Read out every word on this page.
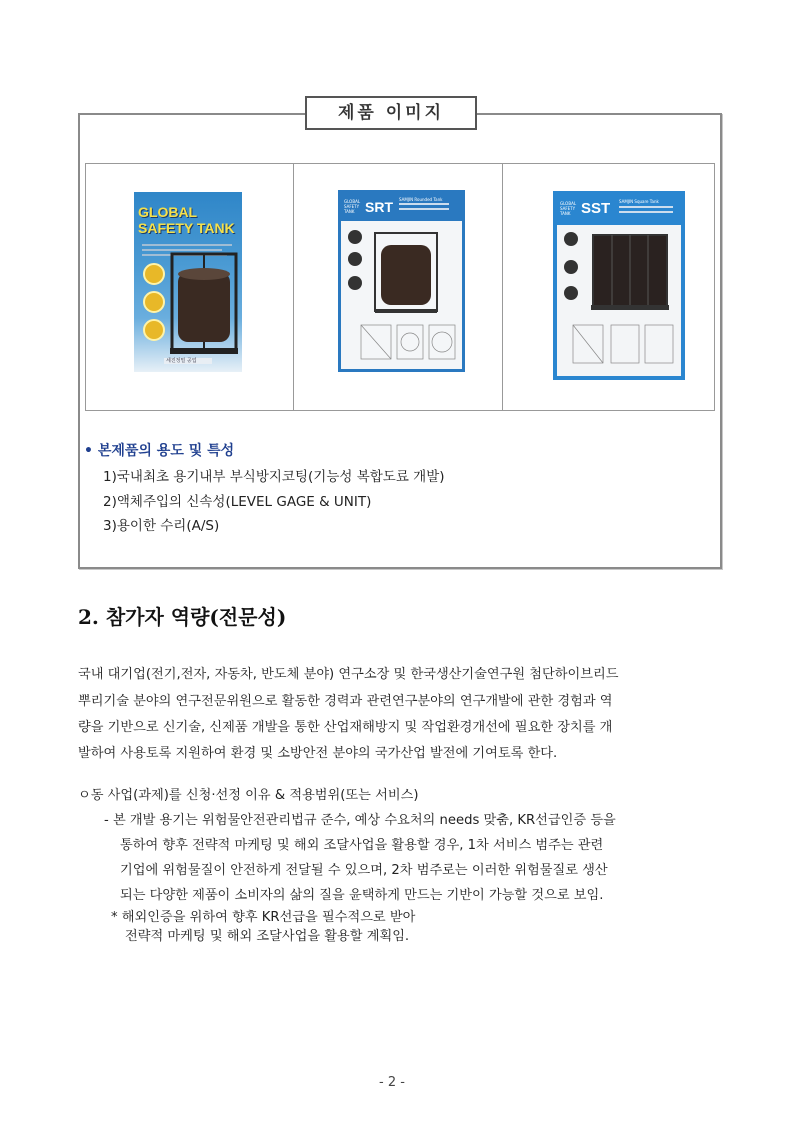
제품 이미지
GLOBAL
SAFETY TANK
세진정밀 공업
GLOBAL SAFETY TANK SRT SAMJIN Rounded Tank
GLOBAL SAFETY TANK SST SAMJIN Square Tank
• 본제품의 용도 및 특성
1)국내최초 용기내부 부식방지코팅(기능성 복합도료 개발)
2)액체주입의 신속성(LEVEL GAGE & UNIT)
3)용이한 수리(A/S)
2. 참가자 역량(전문성)
국내 대기업(전기,전자, 자동차, 반도체 분야) 연구소장 및 한국생산기술연구원 첨단하이브리드
뿌리기술 분야의 연구전문위원으로 활동한 경력과 관련연구분야의 연구개발에 관한 경험과 역
량을 기반으로 신기술, 신제품 개발을 통한 산업재해방지 및 작업환경개선에 필요한 장치를 개
발하여 사용토록 지원하여 환경 및 소방안전 분야의 국가산업 발전에 기여토록 한다.
ㅇ동 사업(과제)를 신청·선정 이유 & 적용범위(또는 서비스)
- 본 개발 용기는 위험물안전관리법규 준수, 예상 수요처의 needs 맞춤, KR선급인증 등을
통하여 향후 전략적 마케팅 및 해외 조달사업을 활용할 경우, 1차 서비스 범주는 관련
기업에 위험물질이 안전하게 전달될 수 있으며, 2차 범주로는 이러한 위험물질로 생산
되는 다양한 제품이 소비자의 삶의 질을 윤택하게 만드는 기반이 가능할 것으로 보임.
* 해외인증을 위하여 향후 KR선급을 필수적으로 받아
전략적 마케팅 및 해외 조달사업을 활용할 계획임.
- 2 -
